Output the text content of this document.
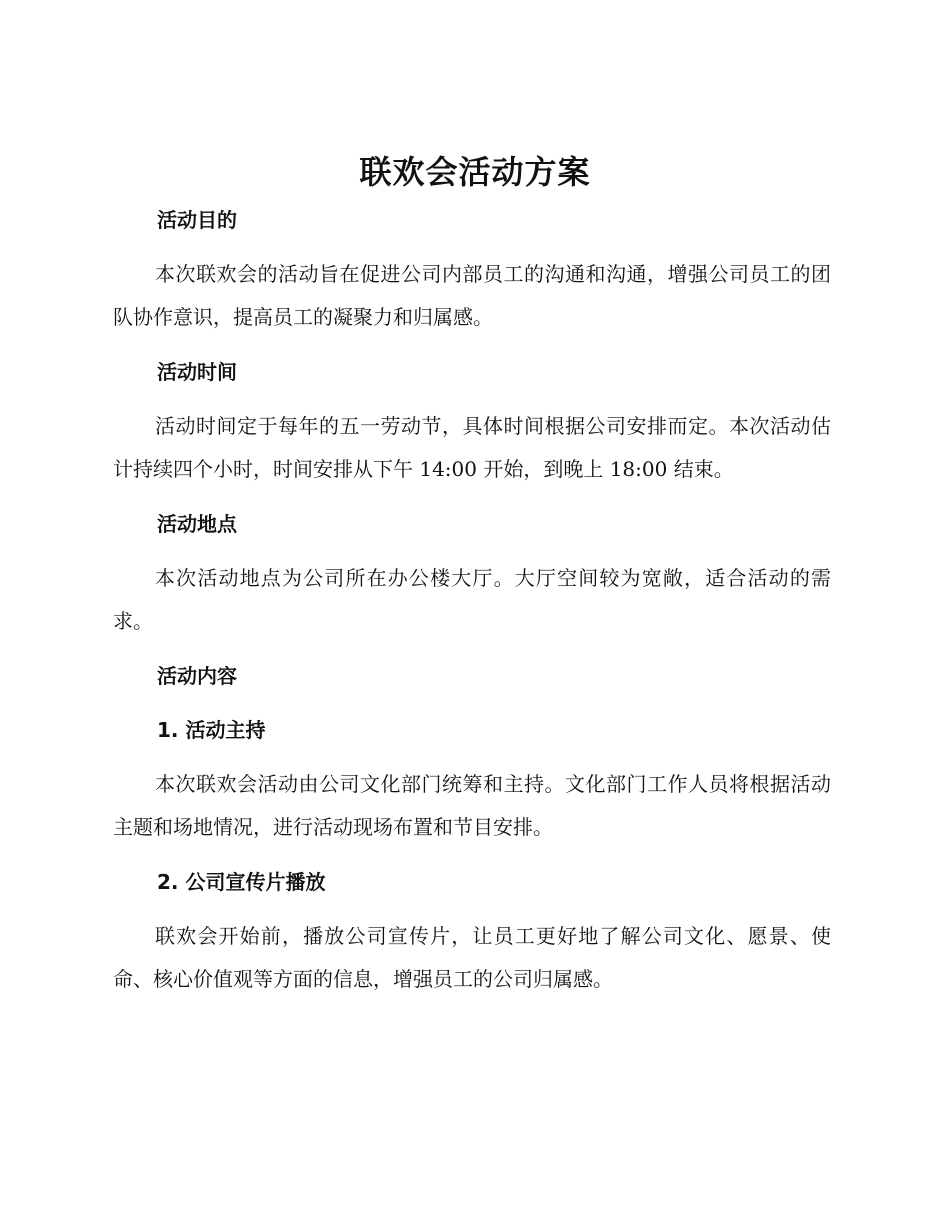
联欢会活动方案
活动目的
本次联欢会的活动旨在促进公司内部员工的沟通和沟通，增强公司员工的团队协作意识，提高员工的凝聚力和归属感。
活动时间
活动时间定于每年的五一劳动节，具体时间根据公司安排而定。本次活动估计持续四个小时，时间安排从下午 14:00 开始，到晚上 18:00 结束。
活动地点
本次活动地点为公司所在办公楼大厅。大厅空间较为宽敞，适合活动的需求。
活动内容
1. 活动主持
本次联欢会活动由公司文化部门统筹和主持。文化部门工作人员将根据活动主题和场地情况，进行活动现场布置和节目安排。
2. 公司宣传片播放
联欢会开始前，播放公司宣传片，让员工更好地了解公司文化、愿景、使命、核心价值观等方面的信息，增强员工的公司归属感。
